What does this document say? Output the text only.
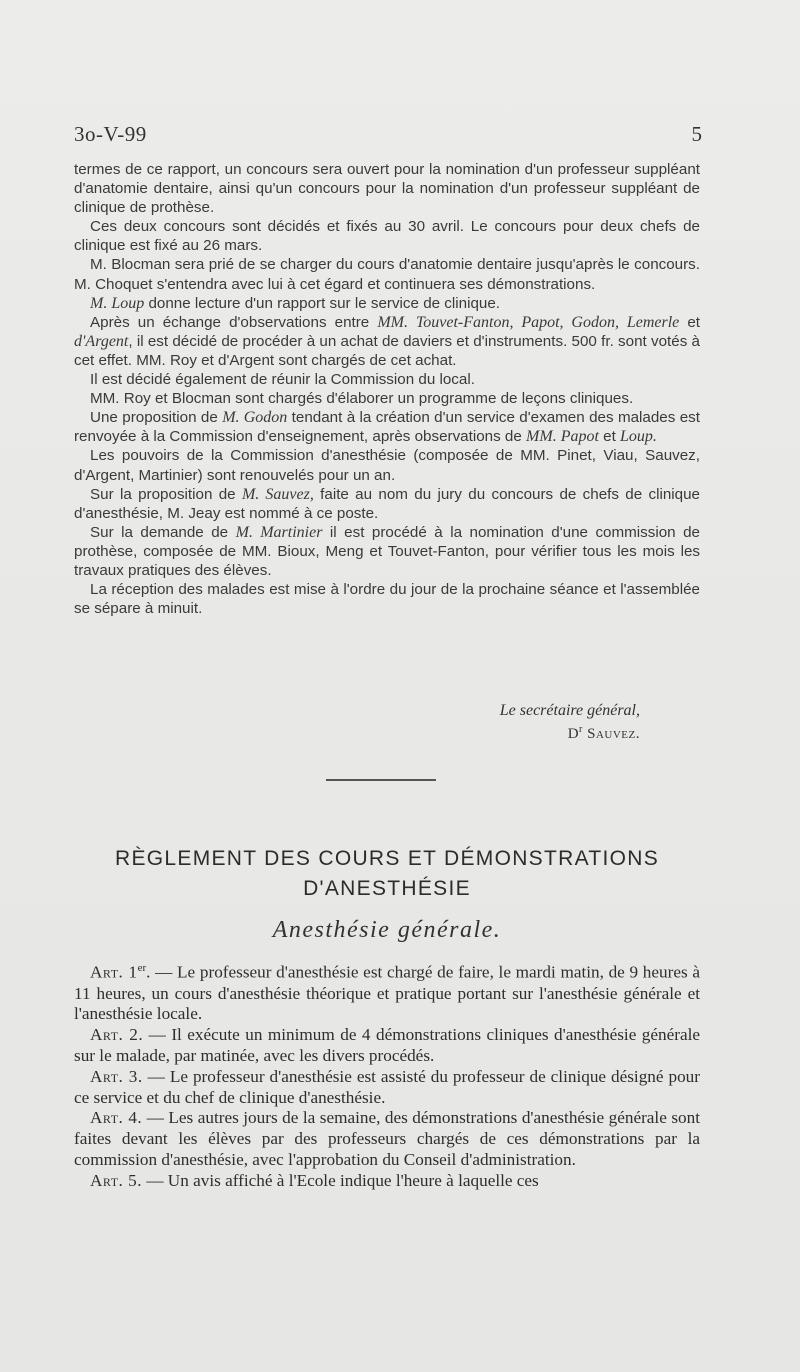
3o-V-99	5

termes de ce rapport, un concours sera ouvert pour la nomination d'un professeur suppléant d'anatomie dentaire, ainsi qu'un concours pour la nomination d'un professeur suppléant de clinique de prothèse.

Ces deux concours sont décidés et fixés au 30 avril. Le concours pour deux chefs de clinique est fixé au 26 mars.

M. Blocman sera prié de se charger du cours d'anatomie dentaire jusqu'après le concours. M. Choquet s'entendra avec lui à cet égard et continuera ses démonstrations.

M. Loup donne lecture d'un rapport sur le service de clinique.

Après un échange d'observations entre MM. Touvet-Fanton, Papot, Godon, Lemerle et d'Argent, il est décidé de procéder à un achat de daviers et d'instruments. 500 fr. sont votés à cet effet. MM. Roy et d'Argent sont chargés de cet achat.

Il est décidé également de réunir la Commission du local.

MM. Roy et Blocman sont chargés d'élaborer un programme de leçons cliniques.

Une proposition de M. Godon tendant à la création d'un service d'examen des malades est renvoyée à la Commission d'enseignement, après observations de MM. Papot et Loup.

Les pouvoirs de la Commission d'anesthésie (composée de MM. Pinet, Viau, Sauvez, d'Argent, Martinier) sont renouvelés pour un an.

Sur la proposition de M. Sauvez, faite au nom du jury du concours de chefs de clinique d'anesthésie, M. Jeay est nommé à ce poste.

Sur la demande de M. Martinier il est procédé à la nomination d'une commission de prothèse, composée de MM. Bioux, Meng et Touvet-Fanton, pour vérifier tous les mois les travaux pratiques des élèves.

La réception des malades est mise à l'ordre du jour de la prochaine séance et l'assemblée se sépare à minuit.

Le secrétaire général,
$D^r$ Sauvez.
RÈGLEMENT DES COURS ET DÉMONSTRATIONS
D'ANESTHÉSIE
Anesthésie générale.

Art. 1er. — Le professeur d'anesthésie est chargé de faire, le mardi matin, de 9 heures à 11 heures, un cours d'anesthésie théorique et pratique portant sur l'anesthésie générale et l'anesthésie locale.

Art. 2. — Il exécute un minimum de 4 démonstrations cliniques d'anesthésie générale sur le malade, par matinée, avec les divers procédés.

Art. 3. — Le professeur d'anesthésie est assisté du professeur de clinique désigné pour ce service et du chef de clinique d'anesthésie.

Art. 4. — Les autres jours de la semaine, des démonstrations d'anesthésie générale sont faites devant les élèves par des professeurs chargés de ces démonstrations par la commission d'anesthésie, avec l'approbation du Conseil d'administration.

Art. 5. — Un avis affiché à l'Ecole indique l'heure à laquelle ces
